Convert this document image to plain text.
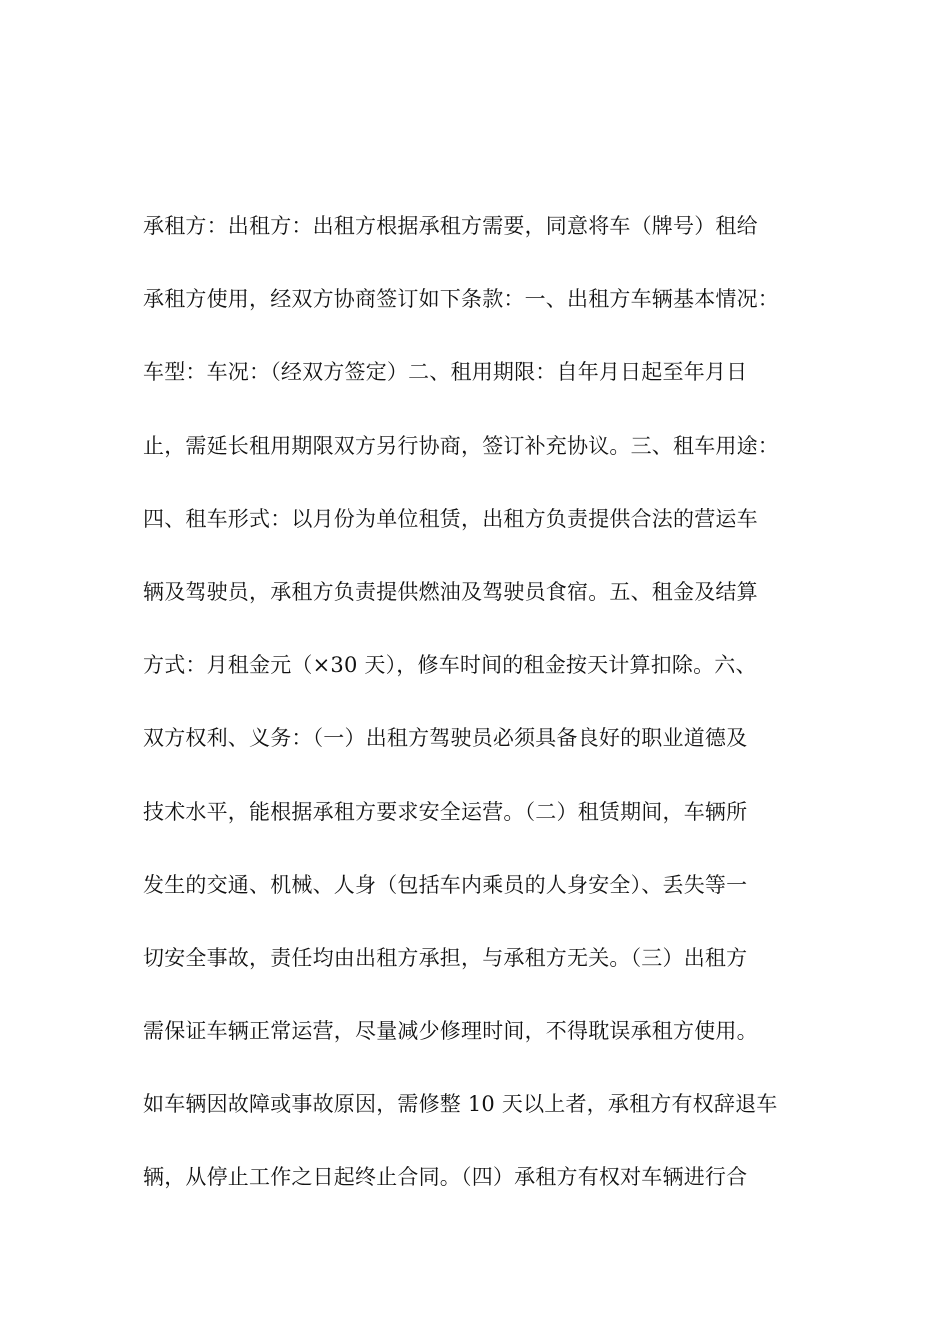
承租方：出租方：出租方根据承租方需要，同意将车（牌号）租给
承租方使用，经双方协商签订如下条款：一、出租方车辆基本情况：
车型：车况：（经双方签定）二、租用期限：自年月日起至年月日
止，需延长租用期限双方另行协商，签订补充协议。三、租车用途：
四、租车形式：以月份为单位租赁，出租方负责提供合法的营运车
辆及驾驶员，承租方负责提供燃油及驾驶员食宿。五、租金及结算
方式：月租金元（×30 天），修车时间的租金按天计算扣除。六、
双方权利、义务：（一）出租方驾驶员必须具备良好的职业道德及
技术水平，能根据承租方要求安全运营。（二）租赁期间，车辆所
发生的交通、机械、人身（包括车内乘员的人身安全）、丢失等一
切安全事故，责任均由出租方承担，与承租方无关。（三）出租方
需保证车辆正常运营，尽量减少修理时间，不得耽误承租方使用。
如车辆因故障或事故原因，需修整 10 天以上者，承租方有权辞退车
辆，从停止工作之日起终止合同。（四）承租方有权对车辆进行合
